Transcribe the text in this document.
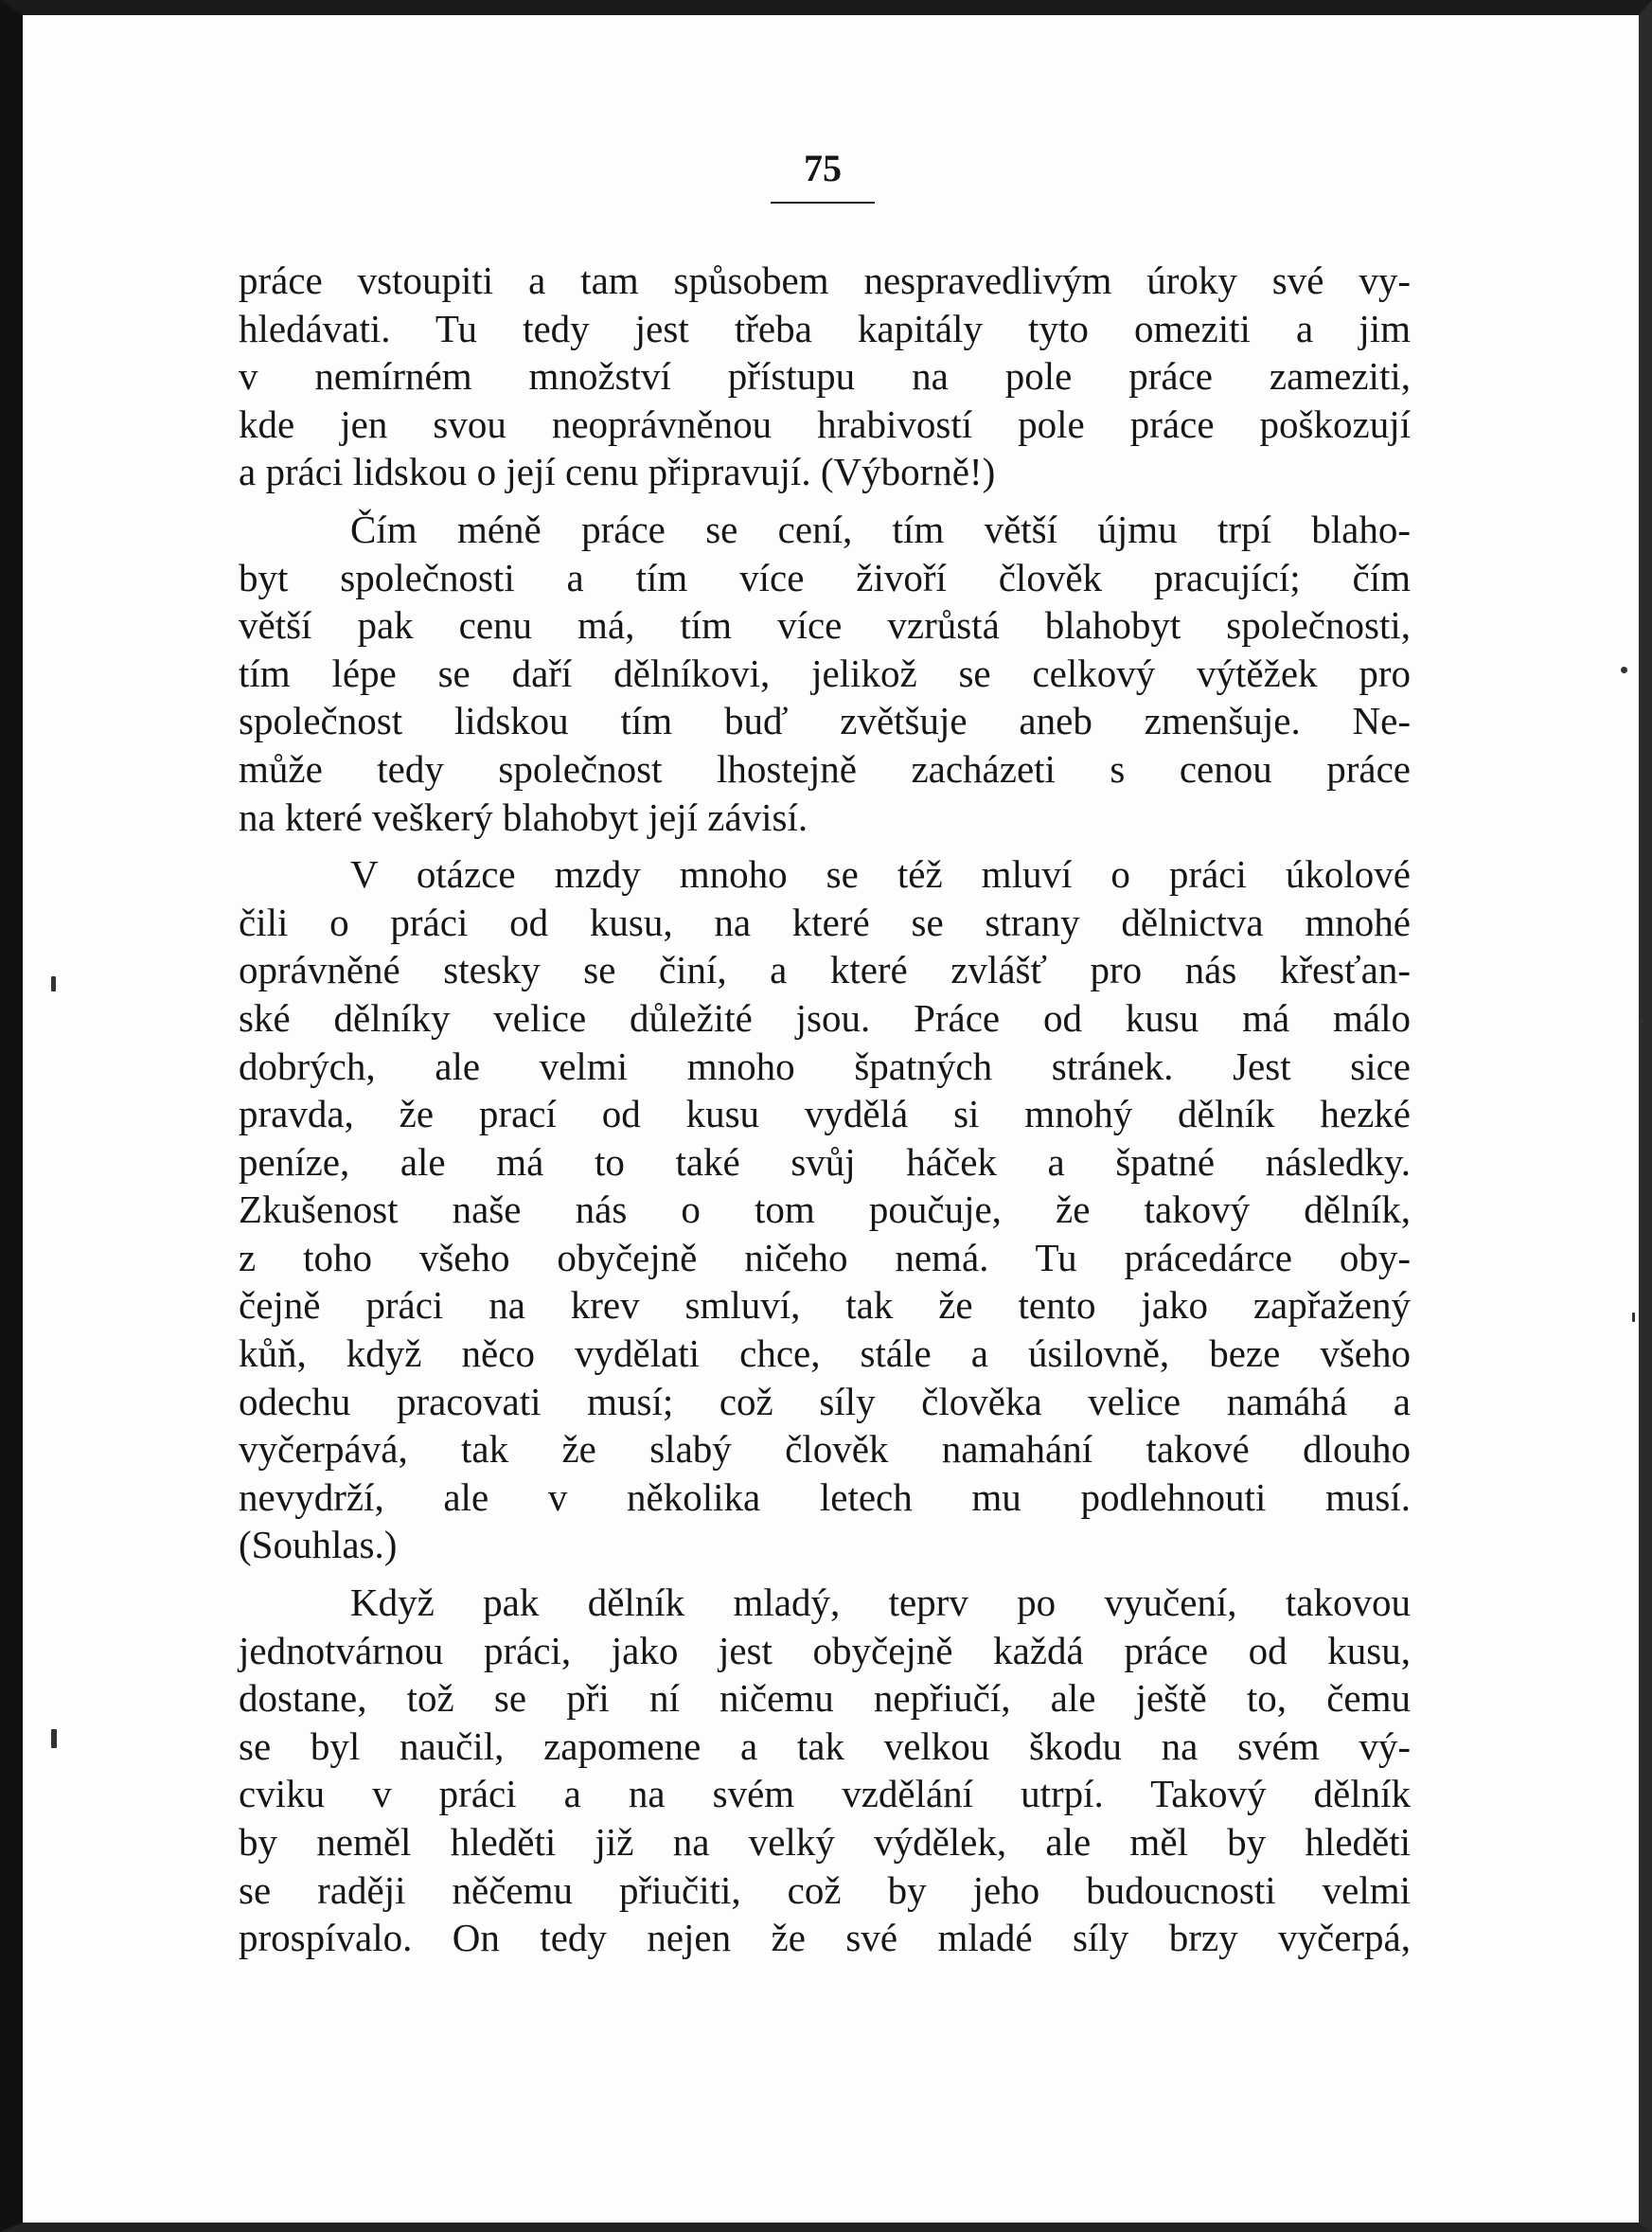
75
práce vstoupiti a tam spůsobem nespravedlivým úroky své vy-
hledávati. Tu tedy jest třeba kapitály tyto omeziti a jim
v nemírném množství přístupu na pole práce zameziti,
kde jen svou neoprávněnou hrabivostí pole práce poškozují
a práci lidskou o její cenu připravují. (Výborně!)
Čím méně práce se cení, tím větší újmu trpí blaho-
byt společnosti a tím více živoří člověk pracující; čím
větší pak cenu má, tím více vzrůstá blahobyt společnosti,
tím lépe se daří dělníkovi, jelikož se celkový výtěžek pro
společnost lidskou tím buď zvětšuje aneb zmenšuje. Ne-
může tedy společnost lhostejně zacházeti s cenou práce
na které veškerý blahobyt její závisí.
V otázce mzdy mnoho se též mluví o práci úkolové
čili o práci od kusu, na které se strany dělnictva mnohé
oprávněné stesky se činí, a které zvlášť pro nás křesťan-
ské dělníky velice důležité jsou. Práce od kusu má málo
dobrých, ale velmi mnoho špatných stránek. Jest sice
pravda, že prací od kusu vydělá si mnohý dělník hezké
peníze, ale má to také svůj háček a špatné následky.
Zkušenost naše nás o tom poučuje, že takový dělník,
z toho všeho obyčejně ničeho nemá. Tu prácedárce oby-
čejně práci na krev smluví, tak že tento jako zapřažený
kůň, když něco vydělati chce, stále a úsilovně, beze všeho
odechu pracovati musí; což síly člověka velice namáhá a
vyčerpává, tak že slabý člověk namahání takové dlouho
nevydrží, ale v několika letech mu podlehnouti musí.
(Souhlas.)
Když pak dělník mladý, teprv po vyučení, takovou
jednotvárnou práci, jako jest obyčejně každá práce od kusu,
dostane, tož se při ní ničemu nepřiučí, ale ještě to, čemu
se byl naučil, zapomene a tak velkou škodu na svém vý-
cviku v práci a na svém vzdělání utrpí. Takový dělník
by neměl hleděti již na velký výdělek, ale měl by hleděti
se raději něčemu přiučiti, což by jeho budoucnosti velmi
prospívalo. On tedy nejen že své mladé síly brzy vyčerpá,
